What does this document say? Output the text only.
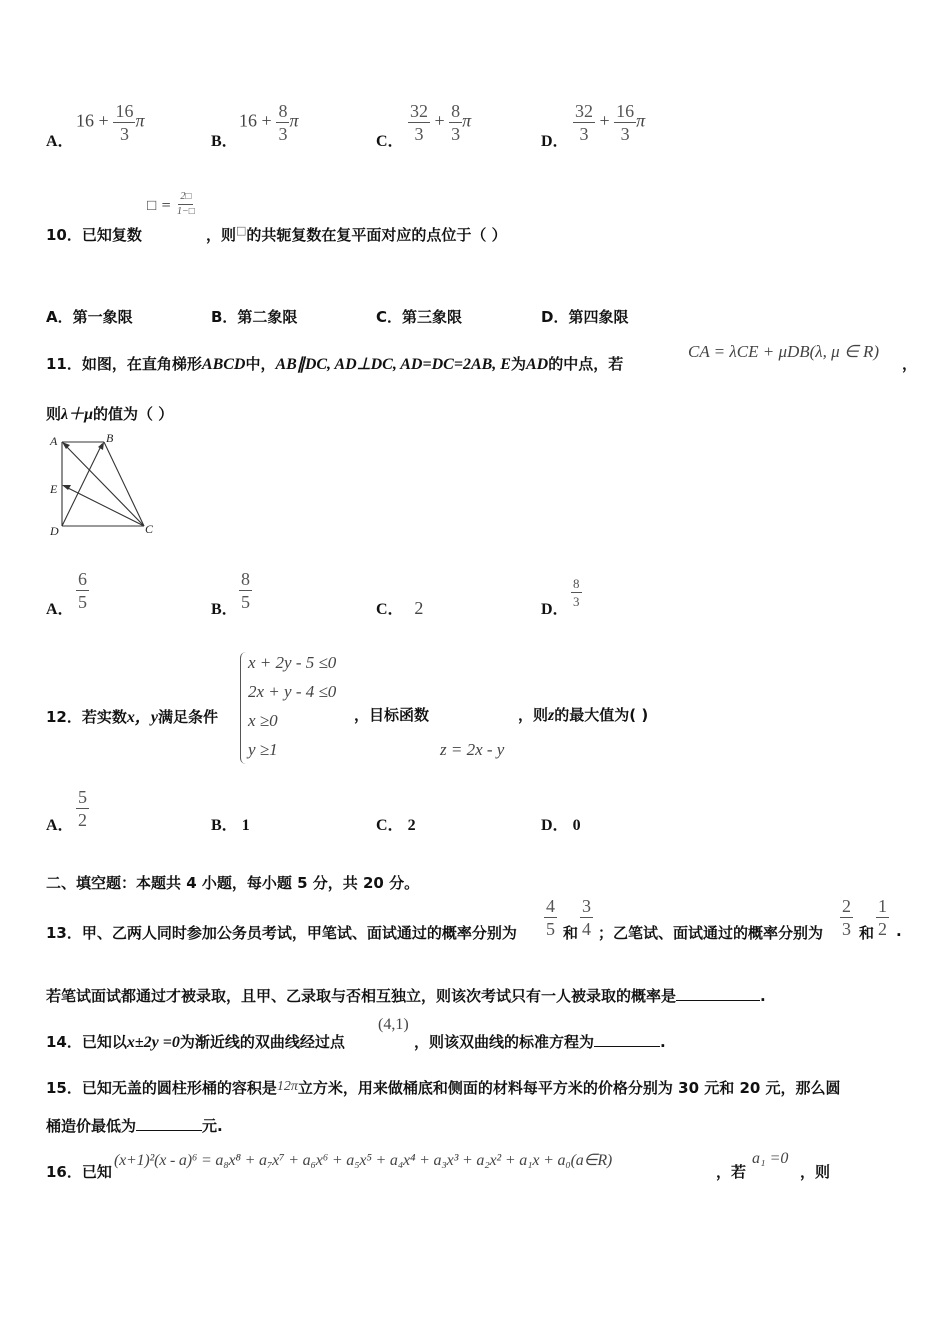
A．
$16 + \frac{16}{3}$ π
B．
$16 + \frac{8}{3}$ π
C． $\frac{32}{3} + \frac{8}{3}$ π
D． $\frac{32}{3} + \frac{16}{3}$ π
10．已知复数
□ = $\frac{2□}{1-□}$
，则□的共轭复数在复平面对应的点位于（ ）
A．第一象限	B．第二象限	C．第三象限	D．第四象限
11．如图，在直角梯形ABCD中，AB∥DC, AD⊥DC, AD=DC=2AB, E为AD的中点，若
CA = λCE + μDB(λ, μ ∈ R)
，
则λ＋μ的值为（ ）
A	B
E
D	C
A． $\frac{6}{5}$	B． $\frac{8}{5}$	C． 2	D．
$\frac{8}{3}$
x + 2y - 5 ≤0
2x + y - 4 ≤0
x ≥0
y ≥1
12．若实数x，y满足条件	，目标函数	，则z的最大值为( )
z = 2x - y
A． $\frac{5}{2}$	B． 1	C． 2	D． 0
二、填空题：本题共 4 小题，每小题 5 分，共 20 分。
13．甲、乙两人同时参加公务员考试，甲笔试、面试通过的概率分别为 $\frac{4}{5}$ 和 $\frac{3}{4}$ ；乙笔试、面试通过的概率分别为 $\frac{2}{3}$ 和 $\frac{1}{2}$ .
若笔试面试都通过才被录取，且甲、乙录取与否相互独立，则该次考试只有一人被录取的概率是	.
14．已知以x±2y =0为渐近线的双曲线经过点
(4,1)
，则该双曲线的标准方程为	.
15．已知无盖的圆柱形桶的容积是12π立方米，用来做桶底和侧面的材料每平方米的价格分别为 30 元和 20 元，那么圆
桶造价最低为	元.
16．已知
(x+1)²(x - a)⁶ = a₈x⁸ + a₇x⁷ + a₆x⁶ + a₅x⁵ + a₄x⁴ + a₃x³ + a₂x² + a₁x + a₀(a∈R)
，若
a₁ =0
，则
